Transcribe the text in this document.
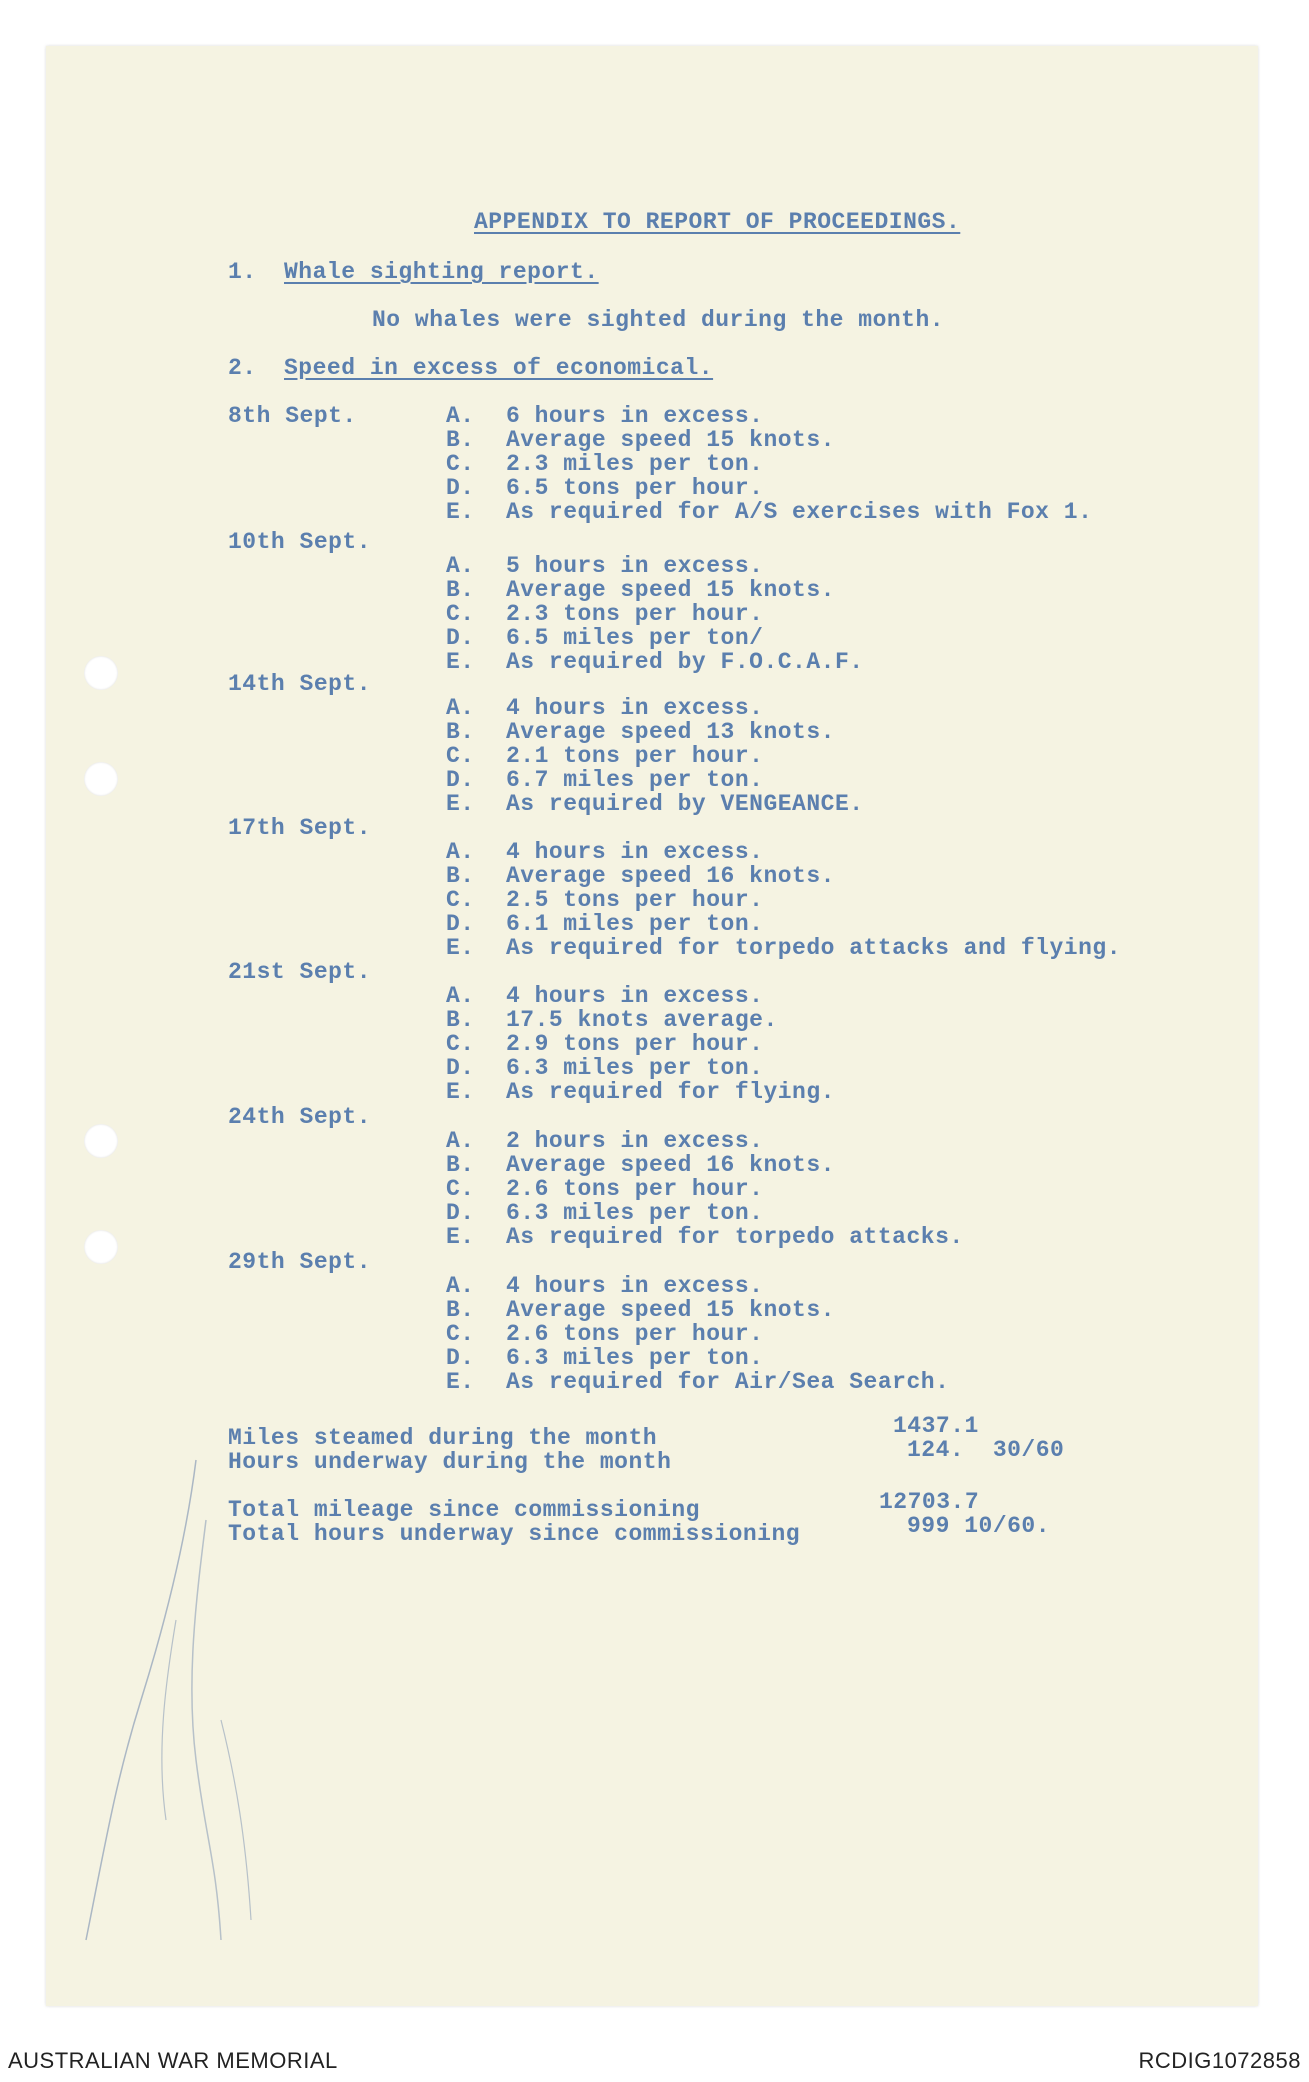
APPENDIX TO REPORT OF PROCEEDINGS.
1. Whale sighting report.
No whales were sighted during the month.
2. Speed in excess of economical.
8th Sept.	A. 6 hours in excess.
B. Average speed 15 knots.
C. 2.3 miles per ton.
D. 6.5 tons per hour.
E. As required for A/S exercises with Fox 1.
10th Sept.
A. 5 hours in excess.
B. Average speed 15 knots.
C. 2.3 tons per hour.
D. 6.5 miles per ton/
E. As required by F.O.C.A.F.
14th Sept.
A. 4 hours in excess.
B. Average speed 13 knots.
C. 2.1 tons per hour.
D. 6.7 miles per ton.
E. As required by VENGEANCE.
17th Sept.
A. 4 hours in excess.
B. Average speed 16 knots.
C. 2.5 tons per hour.
D. 6.1 miles per ton.
E. As required for torpedo attacks and flying.
21st Sept.
A. 4 hours in excess.
B. 17.5 knots average.
C. 2.9 tons per hour.
D. 6.3 miles per ton.
E. As required for flying.
24th Sept.
A. 2 hours in excess.
B. Average speed 16 knots.
C. 2.6 tons per hour.
D. 6.3 miles per ton.
E. As required for torpedo attacks.
29th Sept.
A. 4 hours in excess.
B. Average speed 15 knots.
C. 2.6 tons per hour.
D. 6.3 miles per ton.
E. As required for Air/Sea Search.
Miles steamed during the month	1437.1
Hours underway during the month	124.  30/60
Total mileage since commissioning	12703.7
Total hours underway since commissioning	999 10/60.
AUSTRALIAN WAR MEMORIAL	RCDIG1072858
